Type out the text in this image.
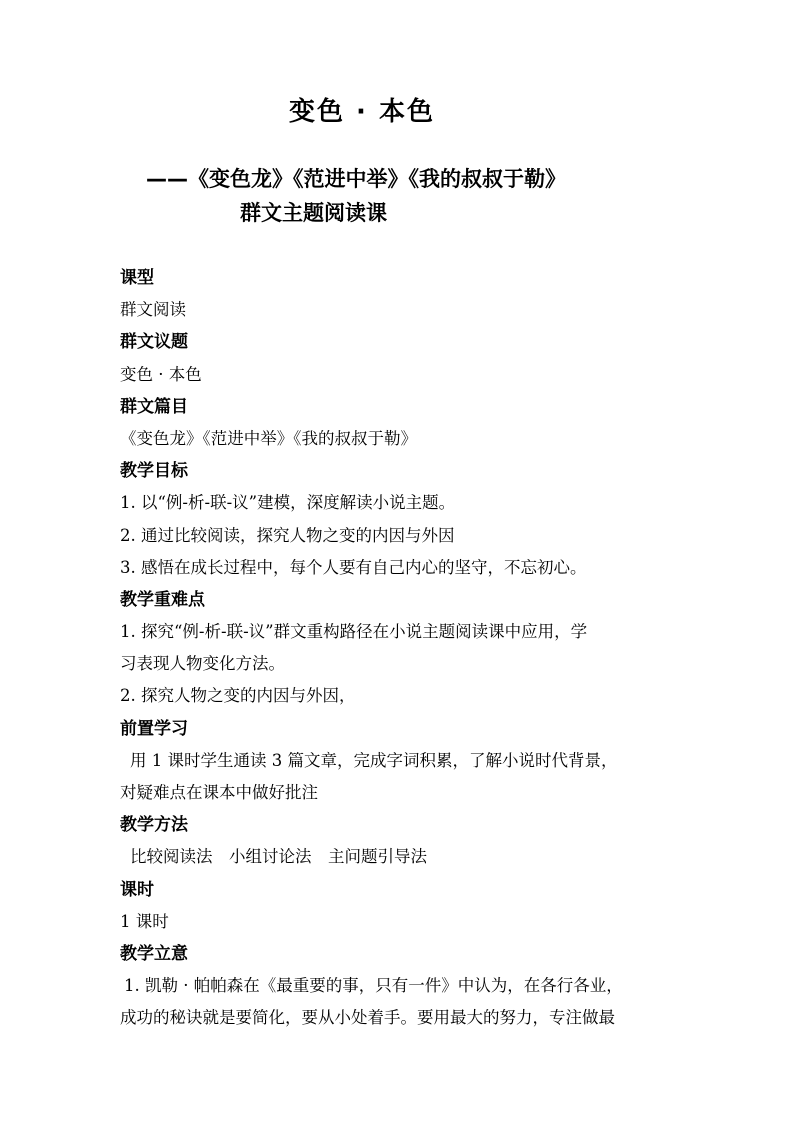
变色 · 本色
——《变色龙》《范进中举》《我的叔叔于勒》
群文主题阅读课
课型
群文阅读
群文议题
变色 · 本色
群文篇目
《变色龙》《范进中举》《我的叔叔于勒》
教学目标
1. 以“例-析-联-议”建模，深度解读小说主题。
2. 通过比较阅读，探究人物之变的内因与外因
3. 感悟在成长过程中，每个人要有自己内心的坚守，不忘初心。
教学重难点
1. 探究“例-析-联-议”群文重构路径在小说主题阅读课中应用，学
习表现人物变化方法。
2. 探究人物之变的内因与外因，
前置学习
用 1 课时学生通读 3 篇文章，完成字词积累，了解小说时代背景，
对疑难点在课本中做好批注
教学方法
比较阅读法　小组讨论法　主问题引导法
课时
1 课时
教学立意
1. 凯勒 · 帕帕森在《最重要的事，只有一件》中认为，在各行各业，
成功的秘诀就是要简化，要从小处着手。要用最大的努力，专注做最
